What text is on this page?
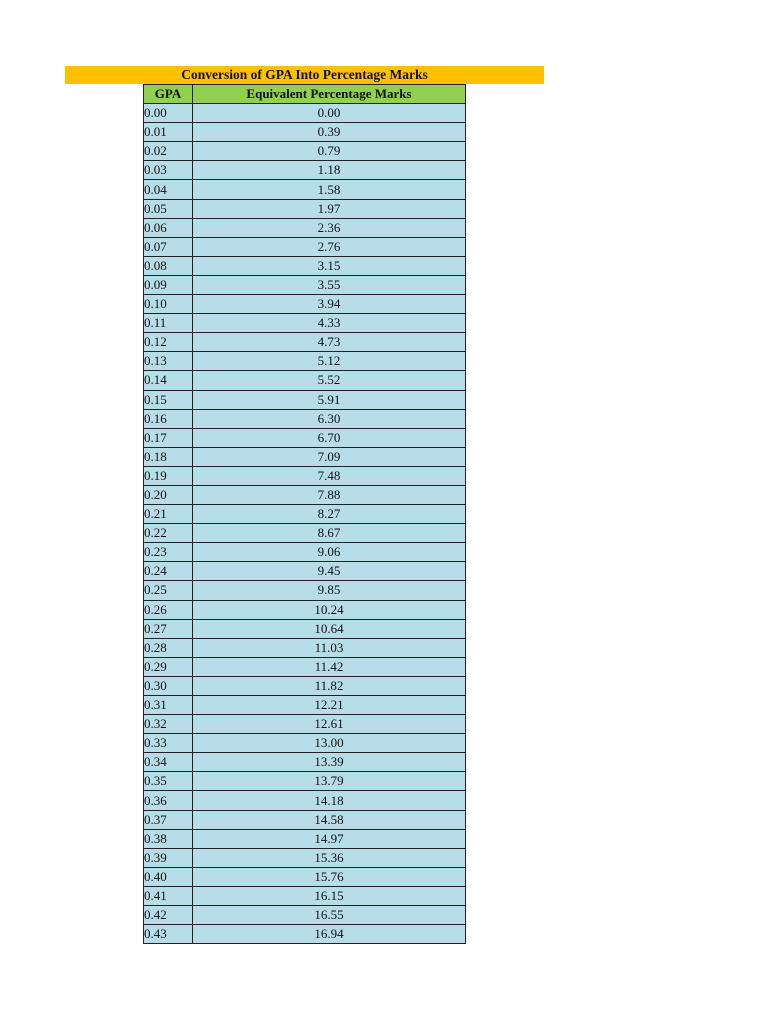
Conversion of GPA Into Percentage Marks
GPA	Equivalent Percentage Marks
0.00	0.00
0.01	0.39
0.02	0.79
0.03	1.18
0.04	1.58
0.05	1.97
0.06	2.36
0.07	2.76
0.08	3.15
0.09	3.55
0.10	3.94
0.11	4.33
0.12	4.73
0.13	5.12
0.14	5.52
0.15	5.91
0.16	6.30
0.17	6.70
0.18	7.09
0.19	7.48
0.20	7.88
0.21	8.27
0.22	8.67
0.23	9.06
0.24	9.45
0.25	9.85
0.26	10.24
0.27	10.64
0.28	11.03
0.29	11.42
0.30	11.82
0.31	12.21
0.32	12.61
0.33	13.00
0.34	13.39
0.35	13.79
0.36	14.18
0.37	14.58
0.38	14.97
0.39	15.36
0.40	15.76
0.41	16.15
0.42	16.55
0.43	16.94
